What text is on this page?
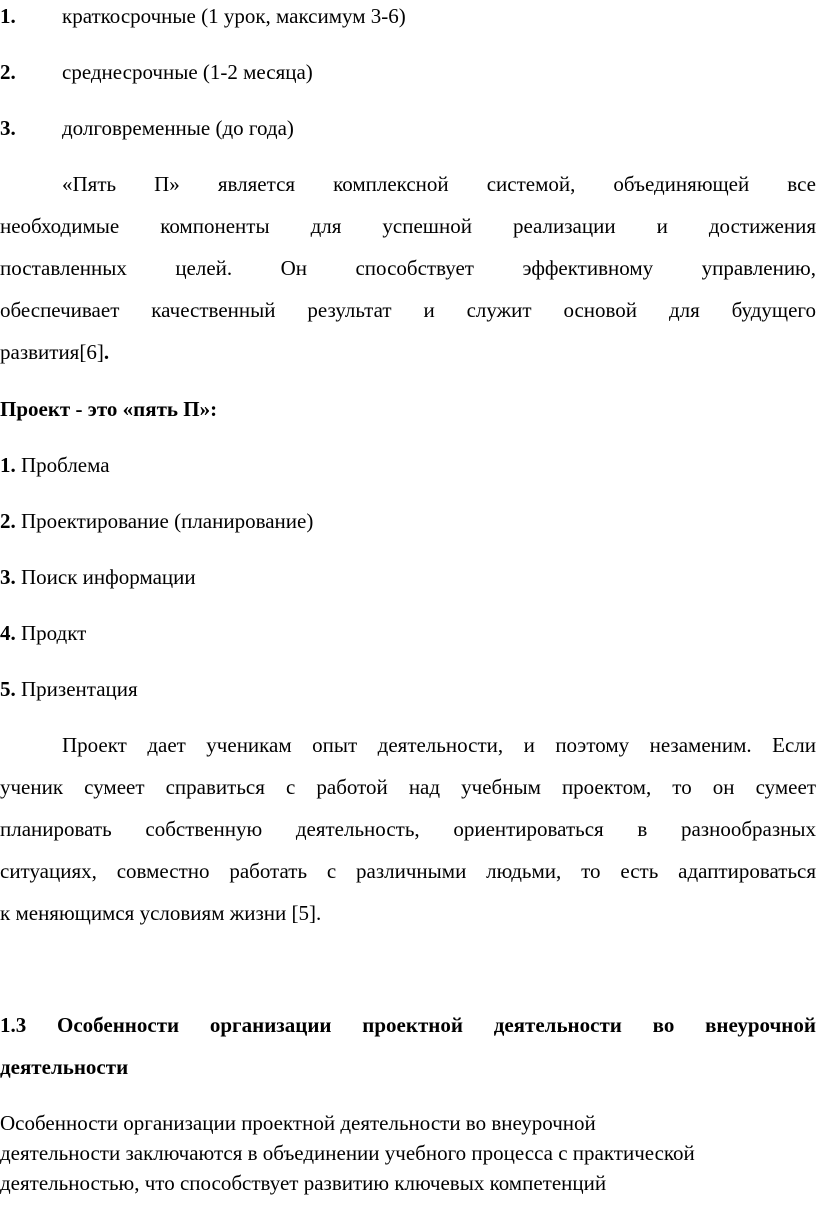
1. краткосрочные (1 урок, максимум 3-6)
2. среднесрочные (1-2 месяца)
3. долговременные (до года)
«Пять П» является комплексной системой, объединяющей все
необходимые компоненты для успешной реализации и достижения
поставленных целей. Он способствует эффективному управлению,
обеспечивает качественный результат и служит основой для будущего
развития[6].
Проект - это «пять П»:
1. Проблема
2. Проектирование (планирование)
3. Поиск информации
4. Продкт
5. Призентация
Проект дает ученикам опыт деятельности, и поэтому незаменим. Если
ученик сумеет справиться с работой над учебным проектом, то он сумеет
планировать собственную деятельность, ориентироваться в разнообразных
ситуациях, совместно работать с различными людьми, то есть адаптироваться
к меняющимся условиям жизни [5].
1.3 Особенности организации проектной деятельности во внеурочной
деятельности
Особенности организации проектной деятельности во внеурочной
деятельности заключаются в объединении учебного процесса с практической
деятельностью, что способствует развитию ключевых компетенций
